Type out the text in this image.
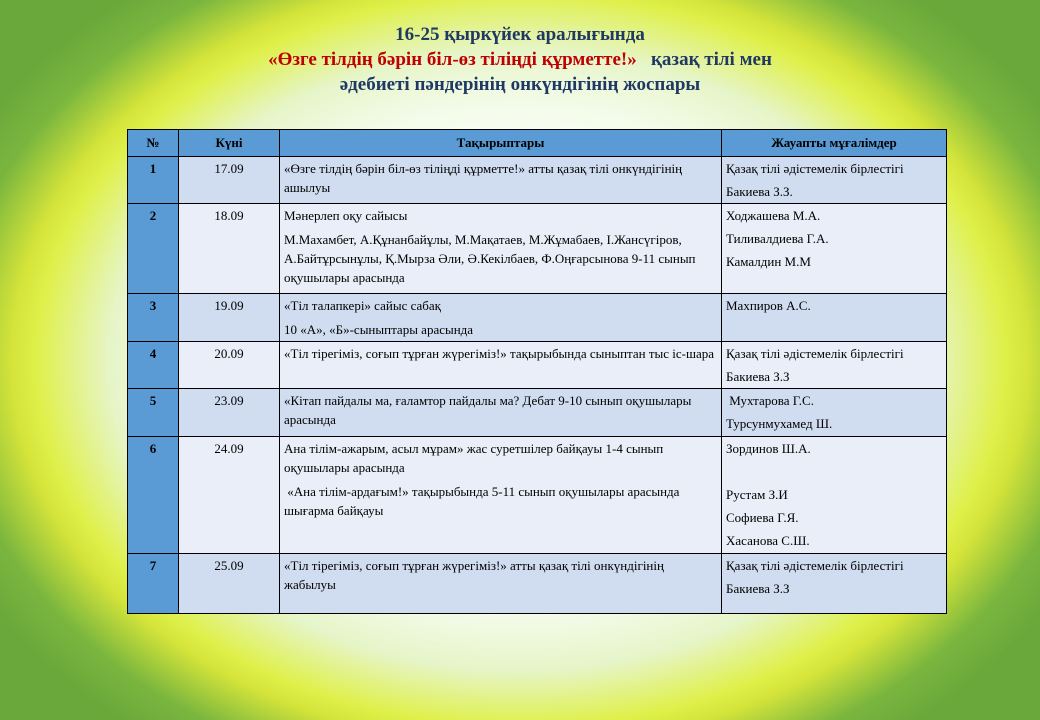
16-25 қыркүйек аралығында
«Өзге тілдің бәрін біл-өз тіліңді құрметте!»   қазақ тілі мен
әдебиеті пәндерінің онкүндігінің жоспары
№	Күні	Тақырыптары	Жауапты мұғалімдер
1	17.09	«Өзге тілдің бәрін біл-өз тіліңді құрметте!» атты қазақ тілі онкүндігінің ашылуы	Қазақ тілі әдістемелік бірлестігі
Бакиева З.З.

2	18.09	Мәнерлеп оқу сайысы
М.Махамбет, А.Құнанбайұлы, М.Мақатаев, М.Жұмабаев, І.Жансүгіров, А.Байтұрсынұлы, Қ.Мырза Әли, Ә.Кекілбаев, Ф.Оңғарсынова 9-11 сынып оқушылары арасында	Ходжашева М.А.
Тиливалдиева Г.А.
Камалдин М.М

3	19.09	«Тіл талапкері» сайыс сабақ
10 «А», «Б»-сыныптары арасында	Махпиров А.С.

4	20.09	«Тіл тірегіміз, соғып тұрған жүрегіміз!» тақырыбында сыныптан тыс іс-шара	Қазақ тілі әдістемелік бірлестігі
Бакиева З.З

5	23.09	«Кітап пайдалы ма, ғаламтор пайдалы ма? Дебат 9-10 сынып оқушылары арасында	Мухтарова Г.С.
Турсунмухамед Ш.

6	24.09	Ана тілім-ажарым, асыл мұрам» жас суретшілер байқауы 1-4 сынып оқушылары арасында
«Ана тілім-ардағым!» тақырыбында 5-11 сынып оқушылары арасында  шығарма байқауы	Зординов Ш.А.
Рустам З.И
Софиева Г.Я.
Хасанова С.Ш.

7	25.09	«Тіл тірегіміз, соғып тұрған жүрегіміз!» атты қазақ тілі онкүндігінің жабылуы	Қазақ тілі әдістемелік бірлестігі
Бакиева З.З
